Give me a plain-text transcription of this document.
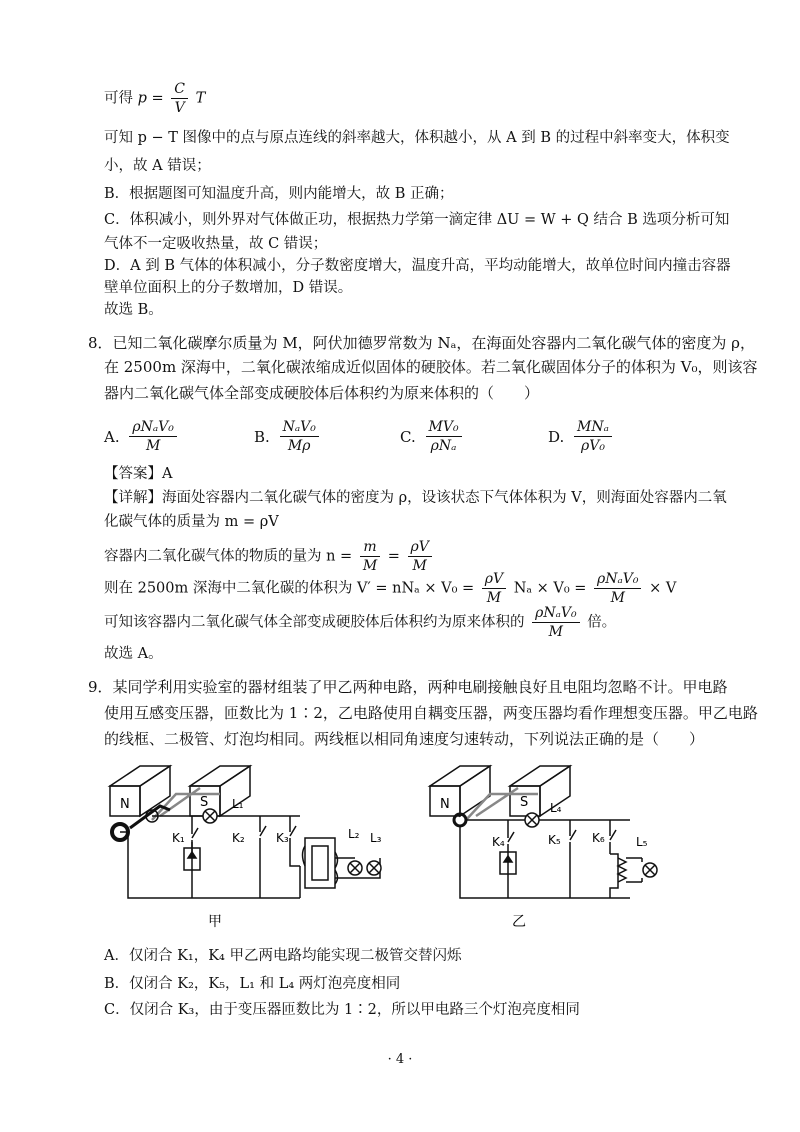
可得 $p = \frac{C}{V}$ T
可知 p − T 图像中的点与原点连线的斜率越大，体积越小，从 A 到 B 的过程中斜率变大，体积变
小，故 A 错误；
B．根据题图可知温度升高，则内能增大，故 B 正确；
C．体积减小，则外界对气体做正功，根据热力学第一滴定律 ΔU = W + Q 结合 B 选项分析可知
气体不一定吸收热量，故 C 错误；
D．A 到 B 气体的体积减小，分子数密度增大，温度升高，平均动能增大，故单位时间内撞击容器
壁单位面积上的分子数增加，D 错误。
故选 B。
8．已知二氧化碳摩尔质量为 M，阿伏加德罗常数为 Nₐ，在海面处容器内二氧化碳气体的密度为 ρ，
在 2500m 深海中，二氧化碳浓缩成近似固体的硬胶体。若二氧化碳固体分子的体积为 V₀，则该容
器内二氧化碳气体全部变成硬胶体后体积约为原来体积的（　　）
A. $\frac{\text{ρNₐV₀}}{M}$	B. $\frac{\text{NₐV₀}}{M\rho}$	C. $\frac{\text{MV₀}}{\text{ρNₐ}}$	D. $\frac{\text{MNₐ}}{\text{ρV₀}}$
【答案】A
【详解】海面处容器内二氧化碳气体的密度为 ρ，设该状态下气体体积为 V，则海面处容器内二氧
化碳气体的质量为 m = ρV
容器内二氧化碳气体的物质的量为 $n = \frac{m}{M} = \frac{\rho V}{M}$
则在 2500m 深海中二氧化碳的体积为 $V' = nN_a \times V_0 = \frac{\rho V}{M}$ $N_a \times V_0 = \frac{\text{ρNₐV₀}}{M} \times V$
可知该容器内二氧化碳气体全部变成硬胶体后体积约为原来体积的 $\frac{\text{ρNₐV₀}}{M}$ 倍。
故选 A。
9．某同学利用实验室的器材组装了甲乙两种电路，两种电刷接触良好且电阻均忽略不计。甲电路
使用互感变压器，匝数比为 1∶2，乙电路使用自耦变压器，两变压器均看作理想变压器。甲乙电路
的线框、二极管、灯泡均相同。两线框以相同角速度匀速转动，下列说法正确的是（　　）
N	S L₁
K₁	K₂	K₃	L₂ L₃
甲
N	S L₄
K₄	K₅	K₆	L₅
乙
A．仅闭合 K₁，K₄ 甲乙两电路均能实现二极管交替闪烁
B．仅闭合 K₂，K₅，L₁ 和 L₄ 两灯泡亮度相同
C．仅闭合 K₃，由于变压器匝数比为 1∶2，所以甲电路三个灯泡亮度相同
· 4 ·
